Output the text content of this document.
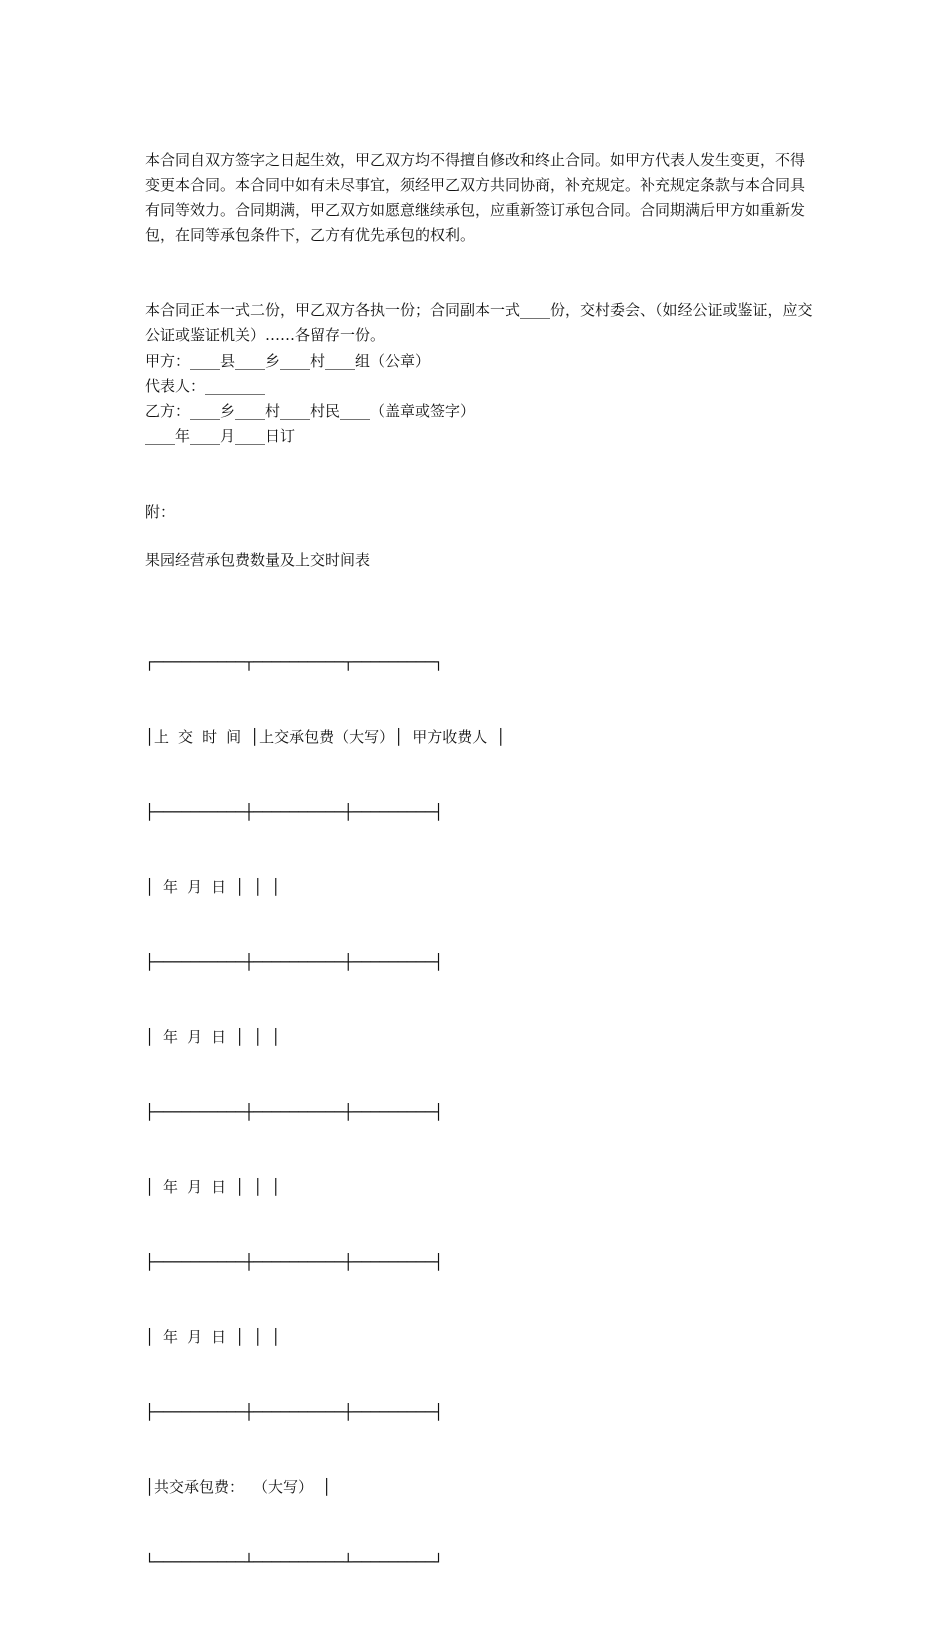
本合同自双方签字之日起生效，甲乙双方均不得擅自修改和终止合同。如甲方代表人发生变更，不得变更本合同。本合同中如有未尽事宜，须经甲乙双方共同协商，补充规定。补充规定条款与本合同具有同等效力。合同期满，甲乙双方如愿意继续承包，应重新签订承包合同。合同期满后甲方如重新发包，在同等承包条件下，乙方有优先承包的权利。

本合同正本一式二份，甲乙双方各执一份；合同副本一式____份，交村委会、（如经公证或鉴证，应交公证或鉴证机关）……各留存一份。

甲方：____县____乡____村____组（公章）

代表人：________

乙方：____乡____村____村民____（盖章或签字）

____年____月____日订

附：

果园经营承包费数量及上交时间表

┌──────────┬──────────┬─────────┐

│上 交 时 间 │上交承包费（大写）│ 甲方收费人 │

├──────────┼──────────┼─────────┤

│ 年 月 日 │ │ │

├──────────┼──────────┼─────────┤

│ 年 月 日 │ │ │

├──────────┼──────────┼─────────┤

│ 年 月 日 │ │ │

├──────────┼──────────┼─────────┤

│ 年 月 日 │ │ │

├──────────┼──────────┼─────────┤

│共交承包费： （大写） │

└──────────┴──────────┴─────────┘
